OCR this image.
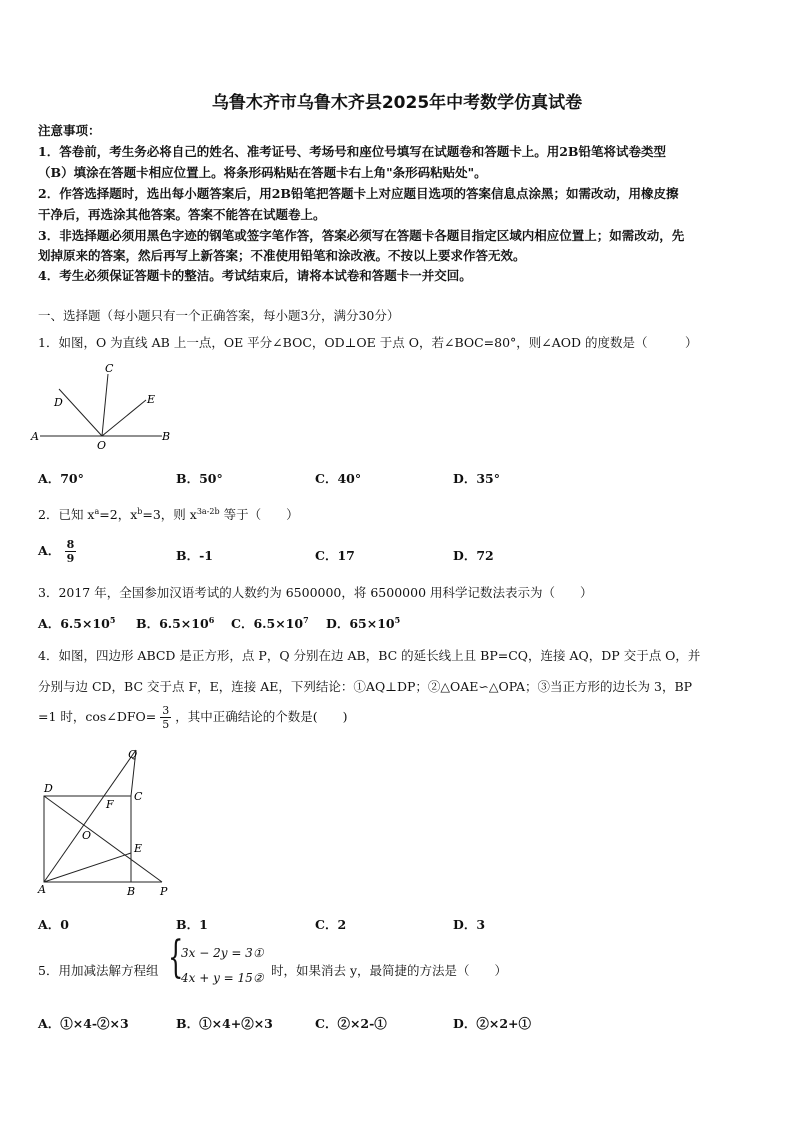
乌鲁木齐市乌鲁木齐县2025年中考数学仿真试卷
注意事项：
1．答卷前，考生务必将自己的姓名、准考证号、考场号和座位号填写在试题卷和答题卡上。用2B铅笔将试卷类型
（B）填涂在答题卡相应位置上。将条形码粘贴在答题卡右上角"条形码粘贴处"。
2．作答选择题时，选出每小题答案后，用2B铅笔把答题卡上对应题目选项的答案信息点涂黑；如需改动，用橡皮擦
干净后，再选涂其他答案。答案不能答在试题卷上。
3．非选择题必须用黑色字迹的钢笔或签字笔作答，答案必须写在答题卡各题目指定区域内相应位置上；如需改动，先
划掉原来的答案，然后再写上新答案；不准使用铅笔和涂改液。不按以上要求作答无效。
4．考生必须保证答题卡的整洁。考试结束后，请将本试卷和答题卡一并交回。
一、选择题（每小题只有一个正确答案，每小题3分，满分30分）
1．如图，O 为直线 AB 上一点，OE 平分∠BOC，OD⊥OE 于点 O，若∠BOC=80°，则∠AOD 的度数是（　　　）
A	B
C
D	E
O
A．70°	B．50°	C．40°	D．35°
2．已知 $x^a=2$，$x^b=3$，则 $x^{3a-2b}$ 等于（　　）
A． $\frac{8}{9}$	B．-1	C．17	D．72
3．2017 年，全国参加汉语考试的人数约为 6500000，将 6500000 用科学记数法表示为（　　）
A．$6.5\times 10^5$ B．$6.5\times 10^6$ C．$6.5\times 10^7$ D．$65\times 10^5$
4．如图，四边形 ABCD 是正方形，点 P，Q 分别在边 AB，BC 的延长线上且 BP=CQ，连接 AQ，DP 交于点 O，并
分别与边 CD，BC 交于点 F，E，连接 AE，下列结论：①AQ⊥DP；②△OAE∽△OPA；③当正方形的边长为 3，BP
=1 时，cos∠DFO= $\frac{3}{5}$ ，其中正确结论的个数是(　　)
A	B
C
D
E
F
O
P
Q
A．0	B．1	C．2	D．3
5．用加减法解方程组 {
3x − 2y = 3①
4x + y = 15② 时，如果消去 y，最简捷的方法是（　　）
A．①×4-②×3	B．①×4+②×3	C．②×2-①	D．②×2+①
